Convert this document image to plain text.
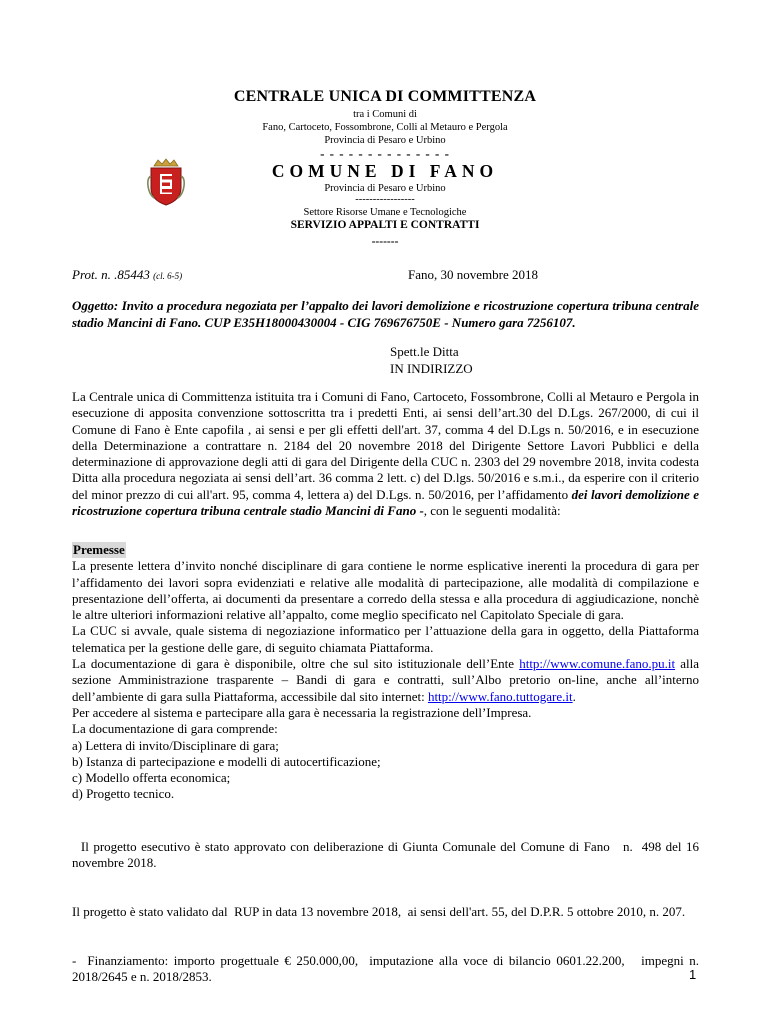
CENTRALE UNICA DI COMMITTENZA
tra i Comuni di
Fano, Cartoceto, Fossombrone, Colli al Metauro e Pergola
Provincia di Pesaro e Urbino
- - - - - - - - - - - - - -
COMUNE DI FANO
Provincia di Pesaro e Urbino
-----------------
Settore Risorse Umane e Tecnologiche
SERVIZIO APPALTI E CONTRATTI
-------
Prot. n. .85443 (cl. 6-5)	Fano, 30 novembre 2018
Oggetto: Invito a procedura negoziata per l’appalto dei lavori demolizione e ricostruzione copertura tribuna centrale stadio Mancini di Fano. CUP E35H18000430004 - CIG 769676750E - Numero gara 7256107.
Spett.le Ditta
IN INDIRIZZO
La Centrale unica di Committenza istituita tra i Comuni di Fano, Cartoceto, Fossombrone, Colli al Metauro e Pergola in esecuzione di apposita convenzione sottoscritta tra i predetti Enti, ai sensi dell’art.30 del D.Lgs. 267/2000, di cui il Comune di Fano è Ente capofila , ai sensi e per gli effetti dell'art. 37, comma 4 del D.Lgs n. 50/2016, e in esecuzione della Determinazione a contrattare n. 2184 del 20 novembre 2018 del Dirigente Settore Lavori Pubblici e della determinazione di approvazione degli atti di gara del Dirigente della CUC n. 2303 del 29 novembre 2018, invita codesta Ditta alla procedura negoziata ai sensi dell’art. 36 comma 2 lett. c) del D.lgs. 50/2016 e s.m.i., da esperire con il criterio del minor prezzo di cui all'art. 95, comma 4, lettera a) del D.Lgs. n. 50/2016, per l’affidamento dei lavori demolizione e ricostruzione copertura tribuna centrale stadio Mancini di Fano -, con le seguenti modalità:
Premesse

La presente lettera d’invito nonché disciplinare di gara contiene le norme esplicative inerenti la procedura di gara per l’affidamento dei lavori sopra evidenziati e relative alle modalità di partecipazione, alle modalità di compilazione e presentazione dell’offerta, ai documenti da presentare a corredo della stessa e alla procedura di aggiudicazione, nonchè le altre ulteriori informazioni relative all’appalto, come meglio specificato nel Capitolato Speciale di gara.

La CUC si avvale, quale sistema di negoziazione informatico per l’attuazione della gara in oggetto, della Piattaforma telematica per la gestione delle gare, di seguito chiamata Piattaforma.

La documentazione di gara è disponibile, oltre che sul sito istituzionale dell’Ente http://www.comune.fano.pu.it alla sezione Amministrazione trasparente – Bandi di gara e contratti, sull’Albo pretorio on-line, anche all’interno dell’ambiente di gara sulla Piattaforma, accessibile dal sito internet: http://www.fano.tuttogare.it.

Per accedere al sistema e partecipare alla gara è necessaria la registrazione dell’Impresa.

La documentazione di gara comprende:

a) Lettera di invito/Disciplinare di gara;

b) Istanza di partecipazione e modelli di autocertificazione;

c) Modello offerta economica;

d) Progetto tecnico.

Il progetto esecutivo è stato approvato con deliberazione di Giunta Comunale del Comune di Fano   n.  498 del 16 novembre 2018.

Il progetto è stato validato dal  RUP in data 13 novembre 2018,  ai sensi dell'art. 55, del D.P.R. 5 ottobre 2010, n. 207.

-  Finanziamento: importo progettuale € 250.000,00,  imputazione alla voce di bilancio 0601.22.200,   impegni n. 2018/2645 e n. 2018/2853.

	1
